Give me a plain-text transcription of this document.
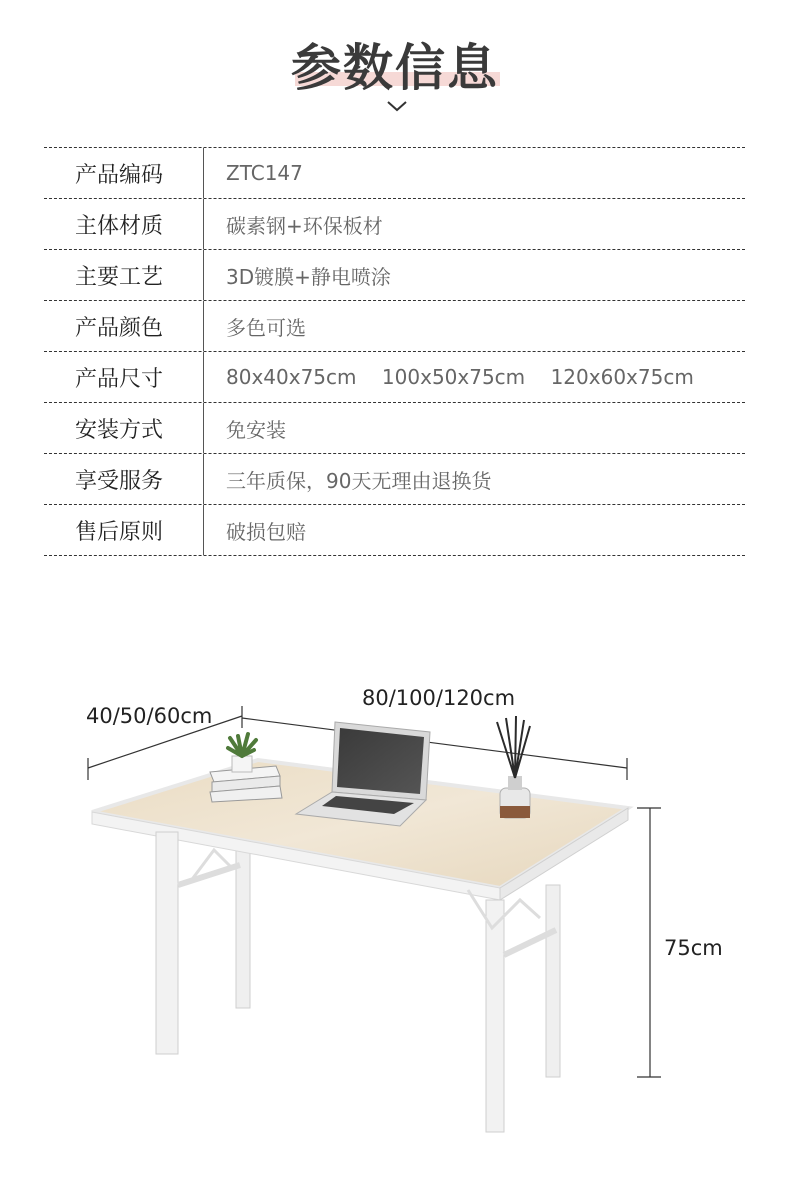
参数信息
产品编码	ZTC147
主体材质	碳素钢+环保板材
主要工艺	3D镀膜+静电喷涂
产品颜色	多色可选
产品尺寸	80x40x75cm    100x50x75cm    120x60x75cm
安装方式	免安装
享受服务	三年质保，90天无理由退换货
售后原则	破损包赔
40/50/60cm
80/100/120cm
75cm
